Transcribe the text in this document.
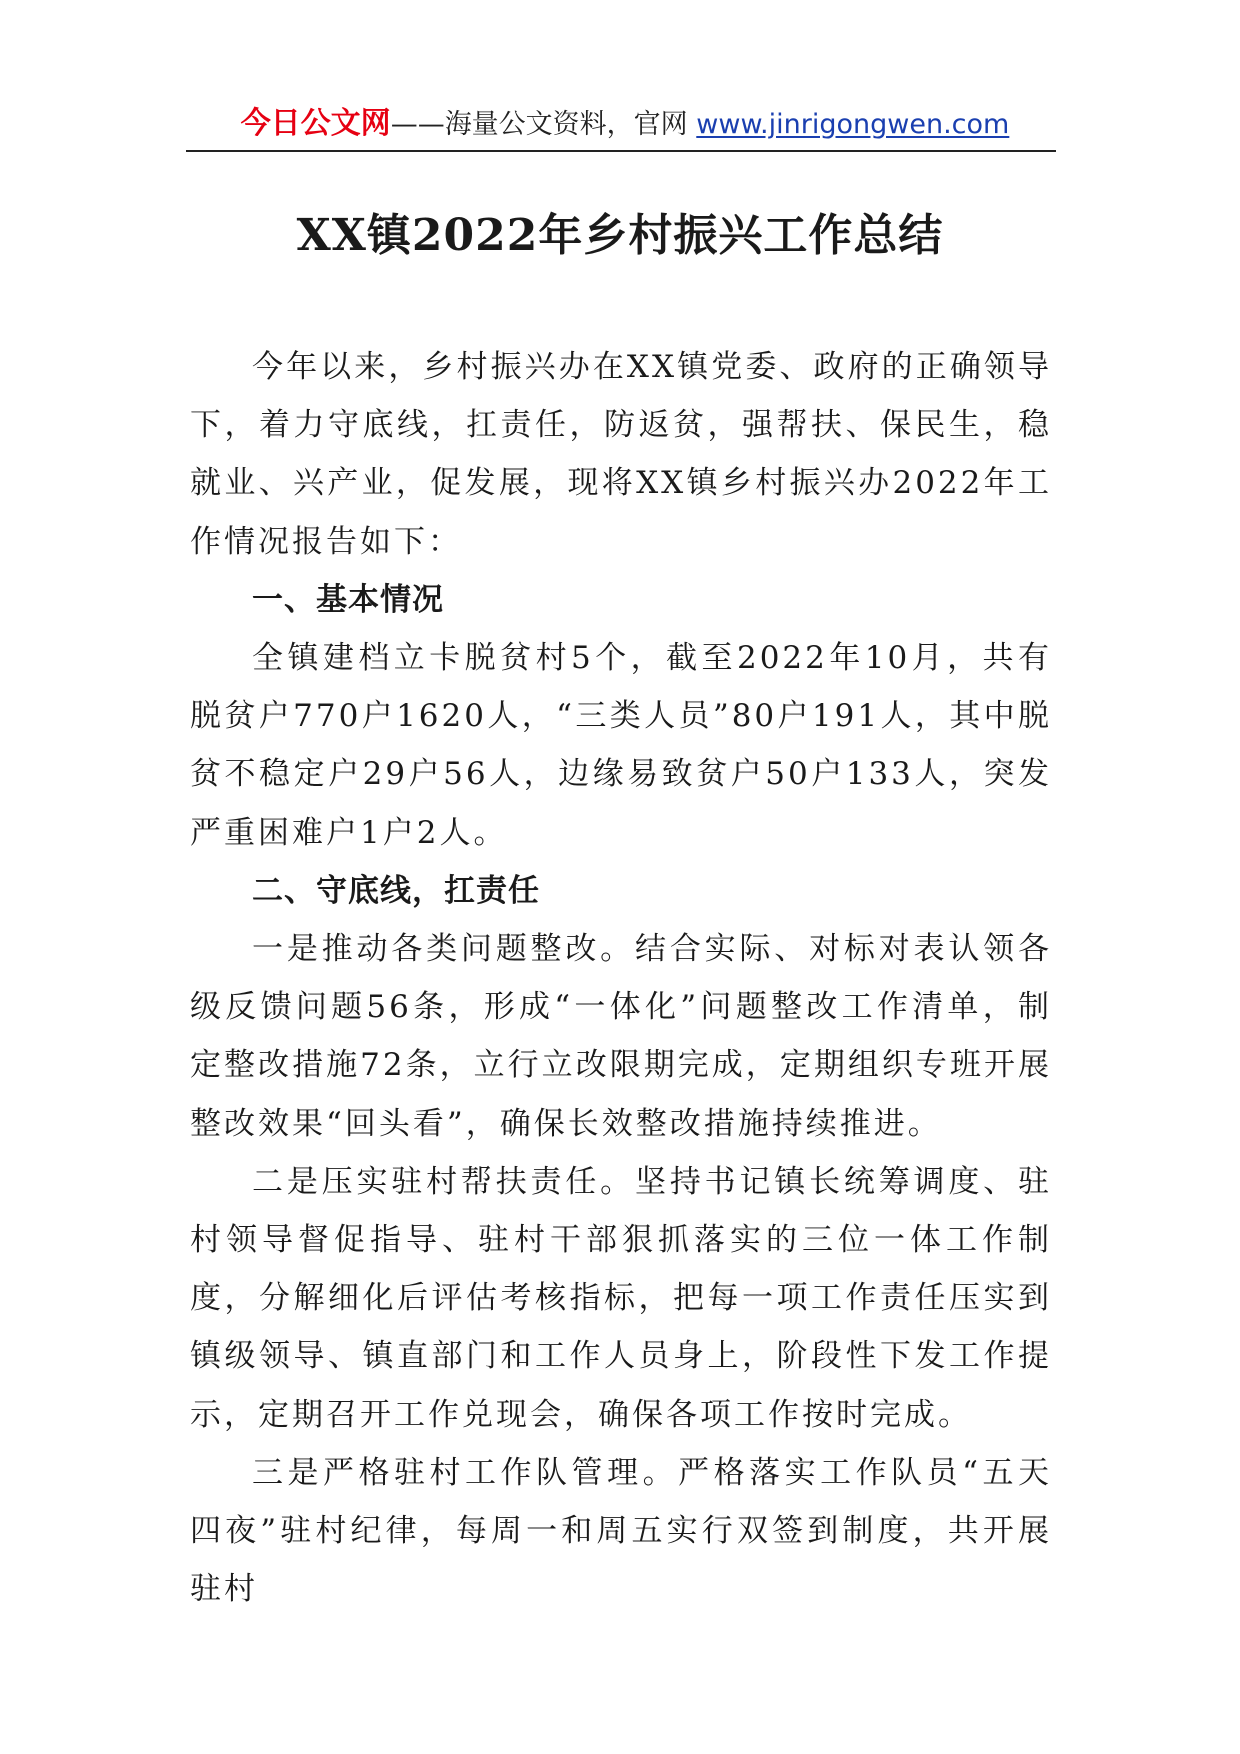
今日公文网——海量公文资料，官网 www.jinrigongwen.com
XX镇2022年乡村振兴工作总结

今年以来，乡村振兴办在XX镇党委、政府的正确领导下，着力守底线，扛责任，防返贫，强帮扶、保民生，稳就业、兴产业，促发展，现将XX镇乡村振兴办2022年工作情况报告如下：

一、基本情况

全镇建档立卡脱贫村5个，截至2022年10月，共有脱贫户770户1620人，“三类人员”80户191人，其中脱贫不稳定户29户56人，边缘易致贫户50户133人，突发严重困难户1户2人。

二、守底线，扛责任

一是推动各类问题整改。结合实际、对标对表认领各级反馈问题56条，形成“一体化”问题整改工作清单，制定整改措施72条，立行立改限期完成，定期组织专班开展整改效果“回头看”，确保长效整改措施持续推进。

二是压实驻村帮扶责任。坚持书记镇长统筹调度、驻村领导督促指导、驻村干部狠抓落实的三位一体工作制度，分解细化后评估考核指标，把每一项工作责任压实到镇级领导、镇直部门和工作人员身上，阶段性下发工作提示，定期召开工作兑现会，确保各项工作按时完成。

三是严格驻村工作队管理。严格落实工作队员“五天四夜”驻村纪律，每周一和周五实行双签到制度，共开展驻村
